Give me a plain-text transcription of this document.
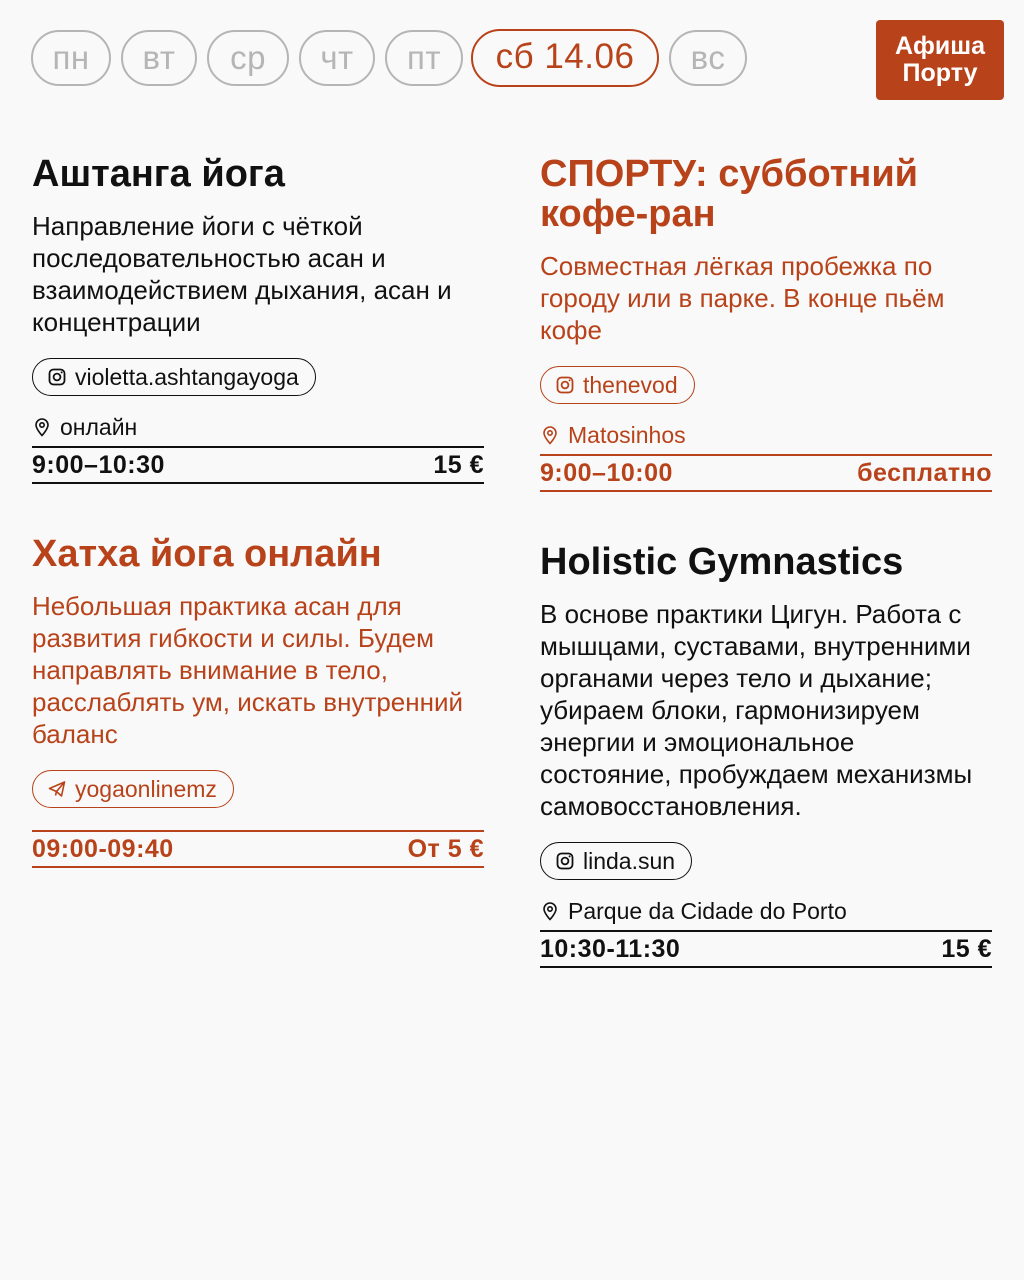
пн	вт	ср	чт	пт	сб 14.06	вс	Афиша
Порту
Аштанга йога
Направление йоги с чёткой последовательностью асан и взаимодействием дыхания, асан и концентрации
violetta.ashtangayoga
онлайн
9:00–10:30	15 €
СПОРТУ: субботний кофе-ран
Совместная лёгкая пробежка по городу или в парке. В конце пьём кофе
thenevod
Matosinhos
9:00–10:00	бесплатно
Хатха йога онлайн
Небольшая практика асан для развития гибкости и силы. Будем направлять внимание в тело, расслаблять ум, искать внутренний баланс
yogaonlinemz
09:00-09:40	От 5 €
Holistic Gymnastics
В основе практики Цигун. Работа с мышцами, суставами, внутренними органами через тело и дыхание; убираем блоки, гармонизируем энергии и эмоциональное состояние, пробуждаем механизмы самовосстановления.
linda.sun
Parque da Cidade do Porto
10:30-11:30	15 €
